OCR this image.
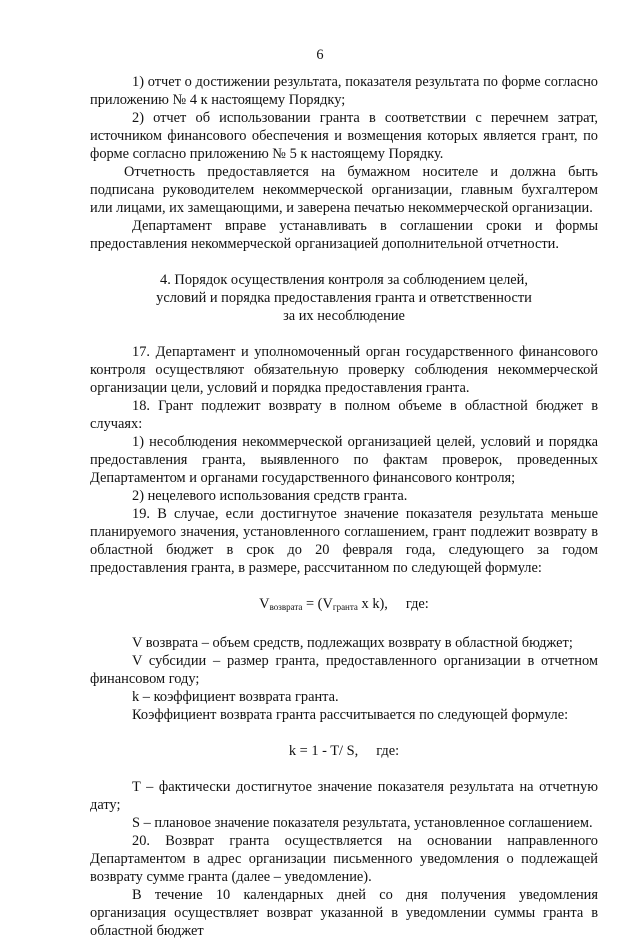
6

1) отчет о достижении результата, показателя результата по форме согласно приложению № 4 к настоящему Порядку;

2) отчет об использовании гранта в соответствии с перечнем затрат, источником финансового обеспечения и возмещения которых является грант, по форме согласно приложению № 5 к настоящему Порядку.

Отчетность предоставляется на бумажном носителе и должна быть подписана руководителем некоммерческой организации, главным бухгалтером или лицами, их замещающими, и заверена печатью некоммерческой организации.

Департамент вправе устанавливать в соглашении сроки и формы предоставления некоммерческой организацией дополнительной отчетности.

4. Порядок осуществления контроля за соблюдением целей,

условий и порядка предоставления гранта и ответственности

за их несоблюдение

17. Департамент и уполномоченный орган государственного финансового контроля осуществляют обязательную проверку соблюдения некоммерческой организации цели, условий и порядка предоставления гранта.

18. Грант подлежит возврату в полном объеме в областной бюджет в случаях:

1) несоблюдения некоммерческой организацией целей, условий и порядка предоставления гранта, выявленного по фактам проверок, проведенных Департаментом и органами государственного финансового контроля;

2) нецелевого использования средств гранта.

19. В случае, если достигнутое значение показателя результата меньше планируемого значения, установленного соглашением, грант подлежит возврату в областной бюджет в срок до 20 февраля года, следующего за годом предоставления гранта, в размере, рассчитанном по следующей формуле:

$V_{возврата} = (V_{гранта}$ x k), где:

V возврата – объем средств, подлежащих возврату в областной бюджет;

V субсидии – размер гранта, предоставленного организации в отчетном финансовом году;

k – коэффициент возврата гранта.

Коэффициент возврата гранта рассчитывается по следующей формуле:

k = 1 - T/ S, где:

T – фактически достигнутое значение показателя результата на отчетную дату;

S – плановое значение показателя результата, установленное соглашением.

20. Возврат гранта осуществляется на основании направленного Департаментом в адрес организации письменного уведомления о подлежащей возврату сумме гранта (далее – уведомление).

В течение 10 календарных дней со дня получения уведомления организация осуществляет возврат указанной в уведомлении суммы гранта в областной бюджет
